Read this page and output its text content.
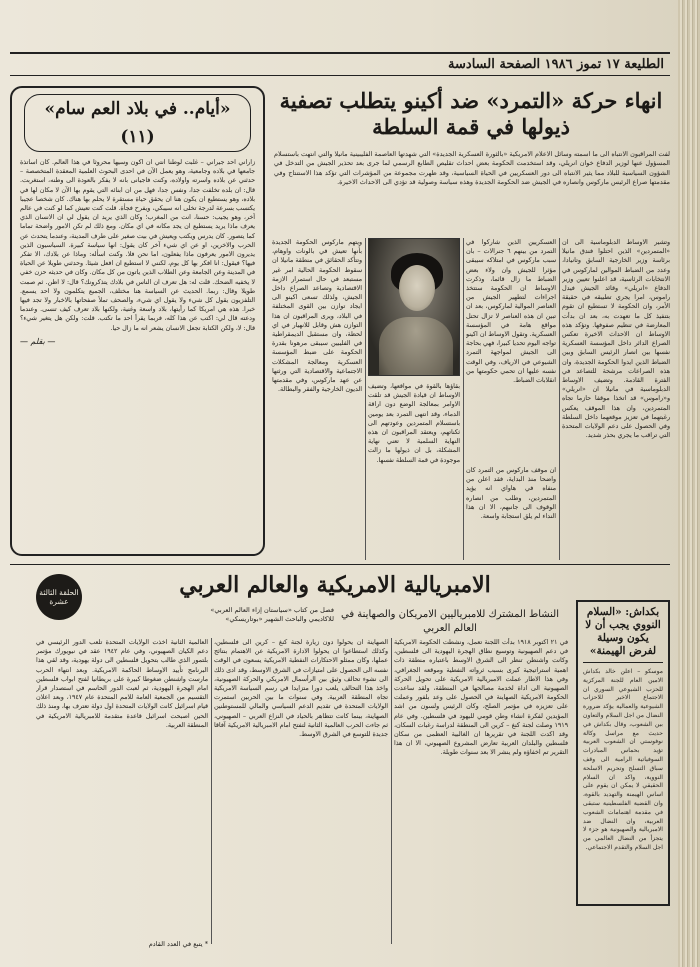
الطليعة ١٧ تموز ١٩٨٦ الصفحة السادسة
«أيام.. في بلاد العم سام» (١١)
زاراني احد جيراني – غلبت لوطنا انتي ان اكون وسيها محروثا في هذا العالم. كان اساتذة جامعها في بلاده وجامعية، وهو يعمل الآن في احدى البحوث العلمية المعقدة المتخصصة – حدثني عن بلاده واسرته واولاده، وكنت فاجيانى بانه لا يفكر بالعودة الى وطنه، استغربت. قال: ان بلده تخلفت جدا، ونفس جدا، فهل من ان ابنائه التي يقوم بها الآن لا مكان لها في بلاده، وهو يستطيع ان يكون هنا ان يحقق حياة مستقرة لا يحلم بها هناك. كان شخصا عجيبا يكتسب بسرعة لدرجة تخلى انه سيبكي، ويفرح فجأة. قلت كنت تعيش كما لو كنت في عالم آخر، وهو يجيب: حسنا، انت من المغرب؛ وكان الذي يريد ان يقول لي ان الانسان الذي يعرف ماذا يريد يستطيع ان يجد مكانه في اي مكان. ومع ذلك لم تكن الامور واضحة تماما كما يتصور. كان يدرس ويكتب ويعيش في بيت صغير على طرف المدينة، وعندما يتحدث عن الحرب والاخرين، او عن اي شيء آخر كان يقول: انها سياسة كبيرة. السياسيون الذين يديرون الامور يعرفون ماذا يفعلون، اما نحن فلا. وكنت اسأله: وماذا عن بلادك، الا تفكر فيها؟ فيقول: انا افكر بها كل يوم، لكنني لا استطيع ان افعل شيئا. وحدثني طويلا عن الحياة في المدينة وعن الجامعة وعن الطلاب الذين ياتون من كل مكان. وكان في حديثه حزن خفي لا يخفيه الضحك. قلت له: هل تعرف ان الناس في بلادك يتذكرونك؟ قال: لا اظن. ثم صمت طويلا وقال: ربما. الحديث عن السياسة هنا مختلف، الجميع يتكلمون ولا احد يسمع. التلفزيون يقول كل شيء ولا يقول اي شيء، والصحف تملأ صفحاتها بالاخبار ولا تجد فيها خبرا. هذه هي امريكا كما رأيتها، بلاد واسعة وغنية، ولكنها بلاد تعرف كيف تنسى. وعندما ودعته قال لي: اكتب عن هذا كله، فربما يقرأ احد ما تكتب. قلت: ولكن هل يتغير شيء؟ قال: لا، ولكن الكتابة تجعل الانسان يشعر انه ما زال حيا.
— بقلم —
انهاء حركة «التمرد» ضد أكينو يتطلب تصفية ذيولها في قمة السلطة
لفت المراقبون الانتباه الى ما اسمته وسائل الاعلام الامريكية «بالثورة العسكرية الجديدة» التي شهدتها العاصمة الفليبينية مانيلا والتي انتهت باستسلام المسؤول عنها لوزير الدفاع خوان انريلي، وقد استخدمت الحكومة بعض احداث تقليص الطابع الرسمي لما جرى بعد تحذير الجيش من التدخل في الشؤون السياسية للبلاد مما يثير الانتباه الى دور العسكريين في الحياة السياسية، وقد ظهرت مجموعة من المؤشرات التي تؤكد هذا الاستنتاج وفي مقدمتها صراع الرئيس ماركوس وانصاره في الجيش ضد الحكومة الجديدة وهذه سياسة وصولية قد تؤدي الى الاحداث الاخيرة.
وتشير الاوساط الدبلوماسية الى ان «المتمردين» الذين احتلوا فندق مانيلا برئاسة وزير الخارجية السابق وتانيادا، وعدد من الضباط الموالين لماركوس في الانتخابات الرئاسية، قد اعلنوا تعيين وزير الدفاع «انريلي» وقائد الجيش فيدل راموس، امرا يجري تطبيقه في حقيقة الأمر، وان الحكومة لا تستطيع ان تقوم بتنفيذ كل ما تعهدت به، بعد ان بدأت المعارضة في تنظيم صفوفها. وتؤكد هذه الاوساط ان الاحداث الاخيرة تعكس الصراع الدائر داخل المؤسسة العسكرية نفسها بين انصار الرئيس السابق وبين الضباط الذين ايدوا الحكومة الجديدة، وان هذه الصراعات مرشحة للتصاعد في الفترة القادمة. وتضيف الاوساط الدبلوماسية في مانيلا ان «انريلي» و«راموس» قد اتخذا موقفا حازما تجاه المتمردين، وان هذا الموقف يعكس رغبتهما في تعزيز موقعهما داخل السلطة وفي الحصول على دعم الولايات المتحدة التي تراقب ما يجري بحذر شديد.
العسكريين الذين شاركوا في التمرد من بينهم ٦ جنرالات – بان سبب ماركوس في امتلاكه سيبقى مؤثرا للجيش وان ولاء بعض الضباط ما زال قائما، وذكرت الاوساط ان الحكومة ستتخذ اجراءات لتطهير الجيش من العناصر الموالية لماركوس، بعد ان تبين ان هذه العناصر لا تزال تحتل مواقع هامة في المؤسسة العسكرية. وتقول الاوساط ان اكينو تواجه اليوم تحديا كبيرا، فهي بحاجة الى الجيش لمواجهة التمرد الشيوعي في الارياف، وفي الوقت نفسه عليها ان تحمي حكومتها من انقلابات الضباط.
ان موقف ماركوس من التمرد كان واضحا منذ البداية، فقد اعلن من منفاه في هاواي انه يؤيد المتمردين، وطلب من انصاره الوقوف الى جانبهم، الا ان هذا النداء لم يلق استجابة واسعة.
بقاؤها بالقوة في مواقعها، وتضيف الاوساط ان قيادة الجيش قد تلقت الاوامر بمعالجة الوضع دون اراقة الدماء، وقد انتهى التمرد بعد يومين باستسلام المتمردين وعودتهم الى ثكناتهم، ويعتقد المراقبون ان هذه النهاية السلمية لا تعني نهاية المشكلة، بل ان ذيولها ما زالت موجودة في قمة السلطة نفسها.
ويتهم ماركوس الحكومة الجديدة بأنها تعيش في بالونات واوهام، وتتأكد الحقائق في منطقة مانيلا ان سقوط الحكومة الحالية امر غير مستبعد في حال استمرار الازمة الاقتصادية وتصاعد الصراع داخل الجيش، ولذلك تسعى اكينو الى ايجاد توازن بين القوى المختلفة في البلاد، ويرى المراقبون ان هذا التوازن هش وقابل للانهيار في اي لحظة، وان مستقبل الديمقراطية في الفليبين سيبقى مرهونا بقدرة الحكومة على ضبط المؤسسة العسكرية ومعالجة المشكلات الاجتماعية والاقتصادية التي ورثتها عن عهد ماركوس، وفي مقدمتها الديون الخارجية والفقر والبطالة.
الحلقة الثالثة عشرة
الامبريالية الامريكية والعالم العربي
فصل من كتاب «سياستان إزاء العالم العربي» للاكاديمي والباحث الشهير «بوتاريسكي» النشاط المشترك للامبرياليين الامريكان والصهاينة في العالم العربي
في ٢١ اكتوبر ١٩١٨ بدأت اللجنة تعمل، ونشطت الحكومة الامريكية في دعم الصهيونية وتوسيع نطاق الهجرة اليهودية الى فلسطين، وكانت واشنطن تنظر الى الشرق الاوسط باعتباره منطقة ذات اهمية استراتيجية كبرى بسبب ثرواته النفطية وموقعه الجغرافي، وفي هذا الاطار عملت الامبريالية الامريكية على تحويل الحركة الصهيونية الى اداة لخدمة مصالحها في المنطقة، ولقد ساعدت الحكومة الامريكية الصهاينة في الحصول على وعد بلفور وعملت على تعزيزه في مؤتمر الصلح، وكان الرئيس ولسون من اشد المؤيدين لفكرة انشاء وطن قومي لليهود في فلسطين. وفي عام ١٩١٩ وصلت لجنة كنغ – كرين الى المنطقة لدراسة رغبات السكان، وقد اكدت اللجنة في تقريرها ان الغالبية العظمى من سكان فلسطين والبلدان العربية تعارض المشروع الصهيوني، الا ان هذا التقرير تم اخفاؤه ولم ينشر الا بعد سنوات طويلة.
الصهاينة ان يحولوا دون زيارة لجنة كنغ – كرين الى فلسطين، وكذلك استطاعوا ان يحولوا الادارة الامريكية عن الاهتمام بنتائج عملها، وكان ممثلو الاحتكارات النفطية الامريكية يسعون في الوقت نفسه الى الحصول على امتيازات في الشرق الاوسط، وقد ادى ذلك الى نشوء تحالف وثيق بين الرأسمال الامريكي والحركة الصهيونية، واخذ هذا التحالف يلعب دورا متزايدا في رسم السياسة الامريكية تجاه المنطقة العربية. وفي سنوات ما بين الحربين استمرت الولايات المتحدة في تقديم الدعم السياسي والمالي للمستوطنين الصهاينة، بينما كانت تتظاهر بالحياد في النزاع العربي – الصهيوني، ثم جاءت الحرب العالمية الثانية لتفتح امام الامبريالية الامريكية آفاقا جديدة للتوسع في الشرق الاوسط.
العالمية الثانية اخذت الولايات المتحدة تلعب الدور الرئيسي في دعم الكيان الصهيوني، وفي عام ١٩٤٢ عقد في نيويورك مؤتمر بلتمور الذي طالب بتحويل فلسطين الى دولة يهودية، وقد لقي هذا البرنامج تأييد الاوساط الحاكمة الامريكية. وبعد انتهاء الحرب مارست واشنطن ضغوطا كبيرة على بريطانيا لفتح ابواب فلسطين امام الهجرة اليهودية، ثم لعبت الدور الحاسم في استصدار قرار التقسيم من الجمعية العامة للامم المتحدة عام ١٩٤٧، وبعد اعلان قيام اسرائيل كانت الولايات المتحدة اول دولة تعترف بها، ومنذ ذلك الحين اصبحت اسرائيل قاعدة متقدمة للامبريالية الامريكية في المنطقة العربية.
* يتبع في العدد القادم
بكداش: «السلام النووي يجب أن لا يكون وسيلة لفرض الهيمنة»
موسكو – اعلن خالد بكداش الامين العام للجنة المركزية للحزب الشيوعي السوري ان الاجتماع الاخير للاحزاب الشيوعية والعمالية يؤكد ضرورة النضال من اجل السلام والتعاون بين الشعوب، وقال بكداش في حديث مع مراسل وكالة نوفوستي ان الشعوب العربية تؤيد بحماس المبادرات السوفياتية الرامية الى وقف سباق التسلح وتحريم الاسلحة النووية، واكد ان السلام الحقيقي لا يمكن ان يقوم على اساس الهيمنة والتهديد بالقوة، وان القضية الفلسطينية ستبقى في مقدمة اهتمامات الشعوب العربية، وان النضال ضد الامبريالية والصهيونية هو جزء لا يتجزأ من النضال العالمي من اجل السلام والتقدم الاجتماعي.
